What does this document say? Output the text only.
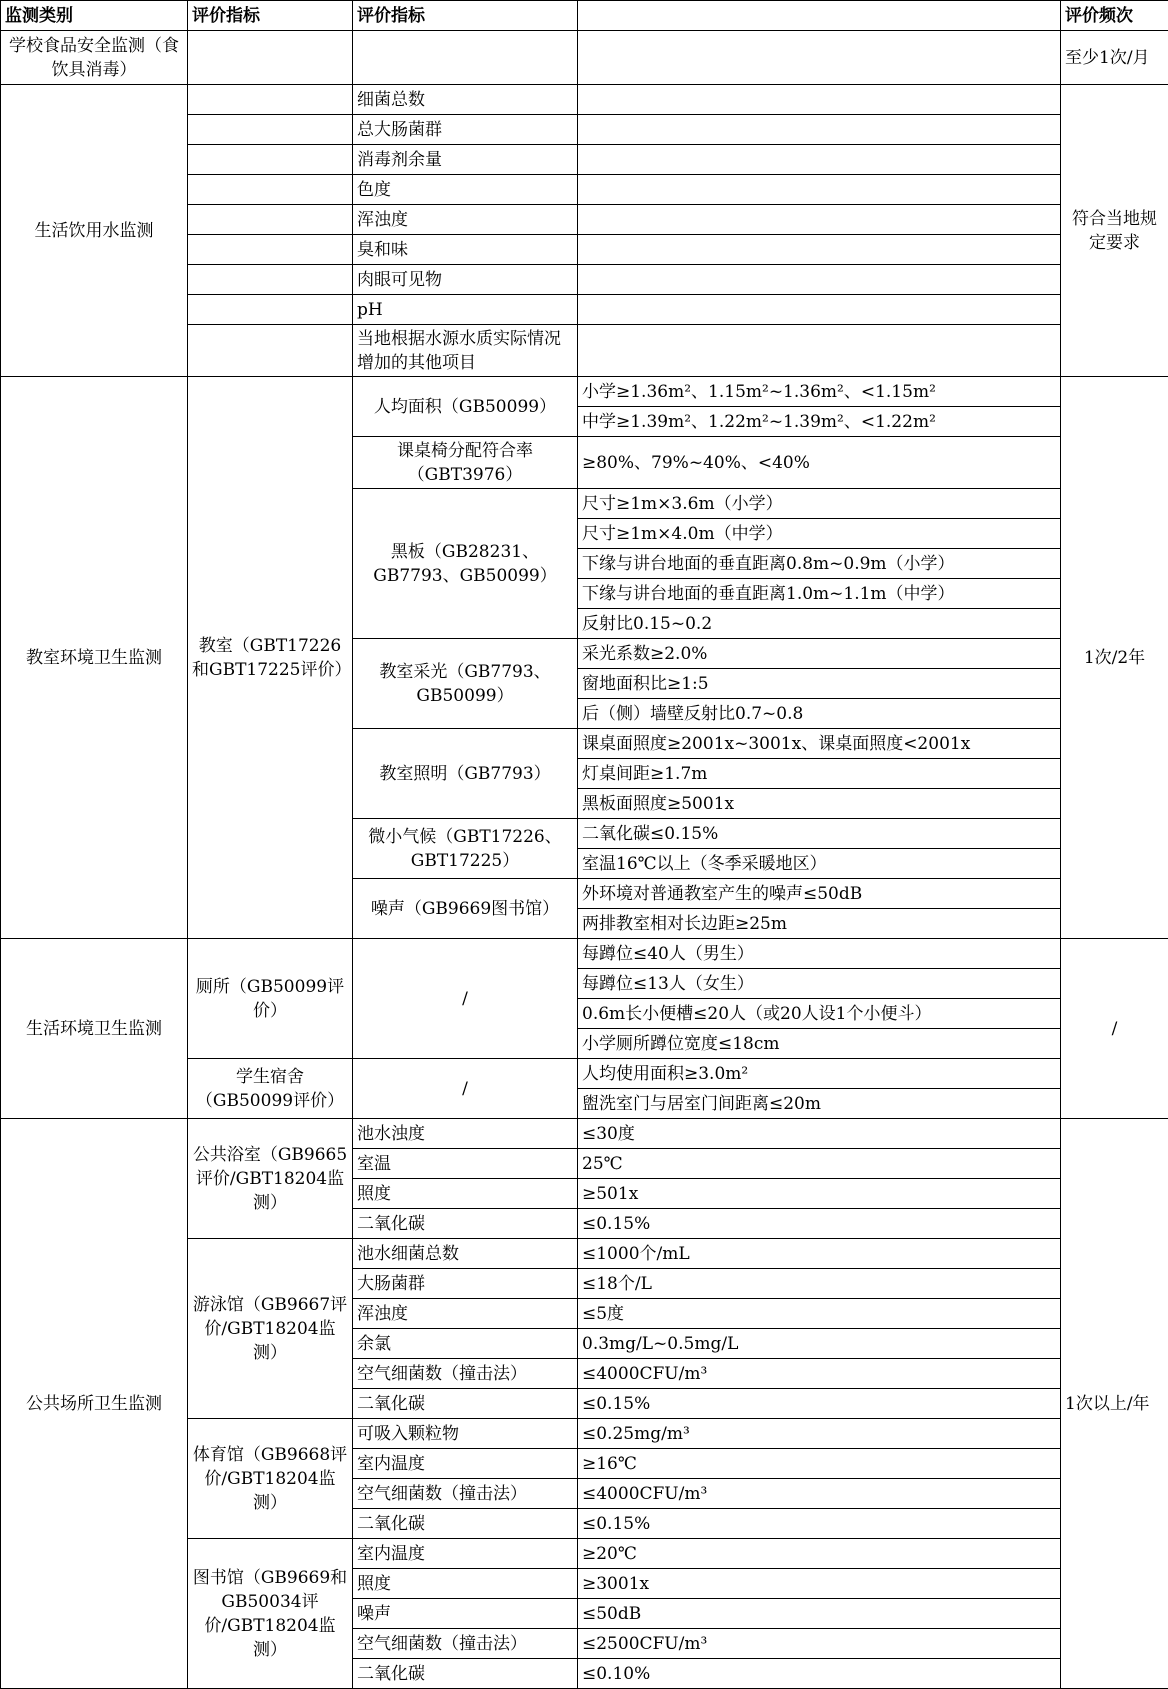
监测类别	评价指标	评价指标		评价频次
学校食品安全监测（食饮具消毒）				至少1次/月
生活饮用水监测		细菌总数		符合当地规定要求
		总大肠菌群		
		消毒剂余量		
		色度		
		浑浊度		
		臭和味		
		肉眼可见物		
		pH		
		当地根据水源水质实际情况增加的其他项目		
教室环境卫生监测	教室（GBT17226和GBT17225评价）	人均面积（GB50099）	小学≥1.36m²、1.15m²~1.36m²、<1.15m²	1次/2年
			中学≥1.39m²、1.22m²~1.39m²、<1.22m²	
		课桌椅分配符合率（GBT3976）	≥80%、79%~40%、<40%	
		黑板（GB28231、GB7793、GB50099）	尺寸≥1m×3.6m（小学）	
			尺寸≥1m×4.0m（中学）	
			下缘与讲台地面的垂直距离0.8m~0.9m（小学）	
			下缘与讲台地面的垂直距离1.0m~1.1m（中学）	
			反射比0.15~0.2	
		教室采光（GB7793、GB50099）	采光系数≥2.0%	
			窗地面积比≥1:5	
			后（侧）墙壁反射比0.7~0.8	
		教室照明（GB7793）	课桌面照度≥2001x~3001x、课桌面照度<2001x	
			灯桌间距≥1.7m	
			黑板面照度≥5001x	
		微小气候（GBT17226、GBT17225）	二氧化碳≤0.15%	
			室温16℃以上（冬季采暖地区）	
		噪声（GB9669图书馆）	外环境对普通教室产生的噪声≤50dB	
			两排教室相对长边距≥25m	
生活环境卫生监测	厕所（GB50099评价）	/	每蹲位≤40人（男生）	/
			每蹲位≤13人（女生）	
			0.6m长小便槽≤20人（或20人设1个小便斗）	
			小学厕所蹲位宽度≤18cm	
	学生宿舍（GB50099评价）	/	人均使用面积≥3.0m²	
			盥洗室门与居室门间距离≤20m	
公共场所卫生监测	公共浴室（GB9665评价/GBT18204监测）	池水浊度	≤30度	1次以上/年
		室温	25℃	
		照度	≥501x	
		二氧化碳	≤0.15%	
	游泳馆（GB9667评价/GBT18204监测）	池水细菌总数	≤1000个/mL	
		大肠菌群	≤18个/L	
		浑浊度	≤5度	
		余氯	0.3mg/L~0.5mg/L	
		空气细菌数（撞击法）	≤4000CFU/m³	
		二氧化碳	≤0.15%	
	体育馆（GB9668评价/GBT18204监测）	可吸入颗粒物	≤0.25mg/m³	
		室内温度	≥16℃	
		空气细菌数（撞击法）	≤4000CFU/m³	
		二氧化碳	≤0.15%	
	图书馆（GB9669和GB50034评价/GBT18204监测）	室内温度	≥20℃	
		照度	≥3001x	
		噪声	≤50dB	
		空气细菌数（撞击法）	≤2500CFU/m³	
		二氧化碳	≤0.10%	
